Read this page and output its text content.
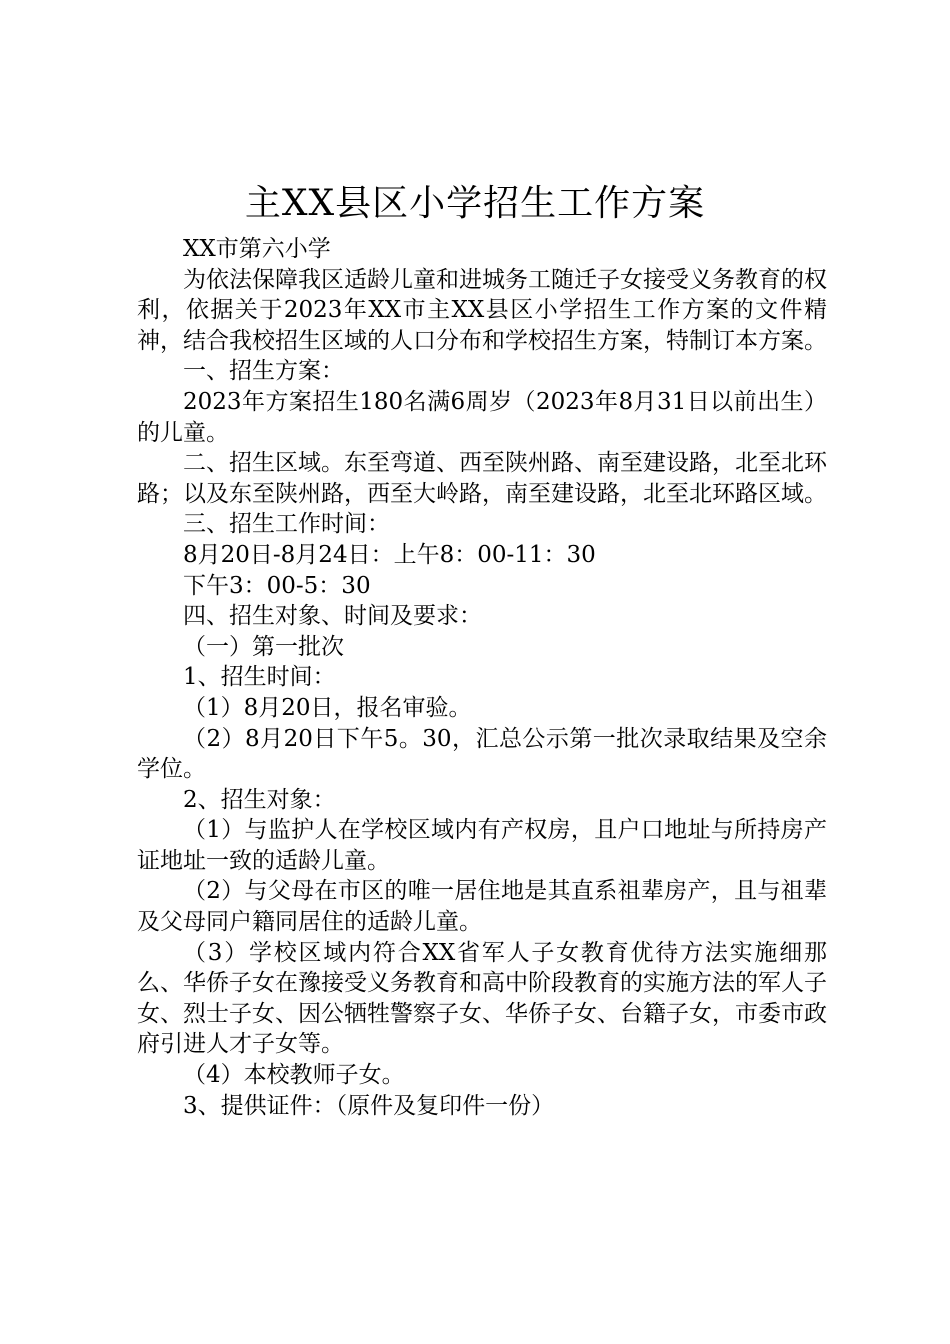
主XX县区小学招生工作方案

XX市第六小学

为依法保障我区适龄儿童和进城务工随迁子女接受义务教育的权利，依据关于2023年XX市主XX县区小学招生工作方案的文件精神，结合我校招生区域的人口分布和学校招生方案，特制订本方案。

一、招生方案：

2023年方案招生180名满6周岁（2023年8月31日以前出生）的儿童。

二、招生区域。东至弯道、西至陕州路、南至建设路，北至北环路；以及东至陕州路，西至大岭路，南至建设路，北至北环路区域。

三、招生工作时间：

8月20日-8月24日：上午8：00-11：30

下午3：00-5：30

四、招生对象、时间及要求：

（一）第一批次

1、招生时间：

（1）8月20日，报名审验。

（2）8月20日下午5。30，汇总公示第一批次录取结果及空余学位。

2、招生对象：

（1）与监护人在学校区域内有产权房，且户口地址与所持房产证地址一致的适龄儿童。

（2）与父母在市区的唯一居住地是其直系祖辈房产，且与祖辈及父母同户籍同居住的适龄儿童。

（3）学校区域内符合XX省军人子女教育优待方法实施细那么、华侨子女在豫接受义务教育和高中阶段教育的实施方法的军人子女、烈士子女、因公牺牲警察子女、华侨子女、台籍子女，市委市政府引进人才子女等。

（4）本校教师子女。

3、提供证件：（原件及复印件一份）
